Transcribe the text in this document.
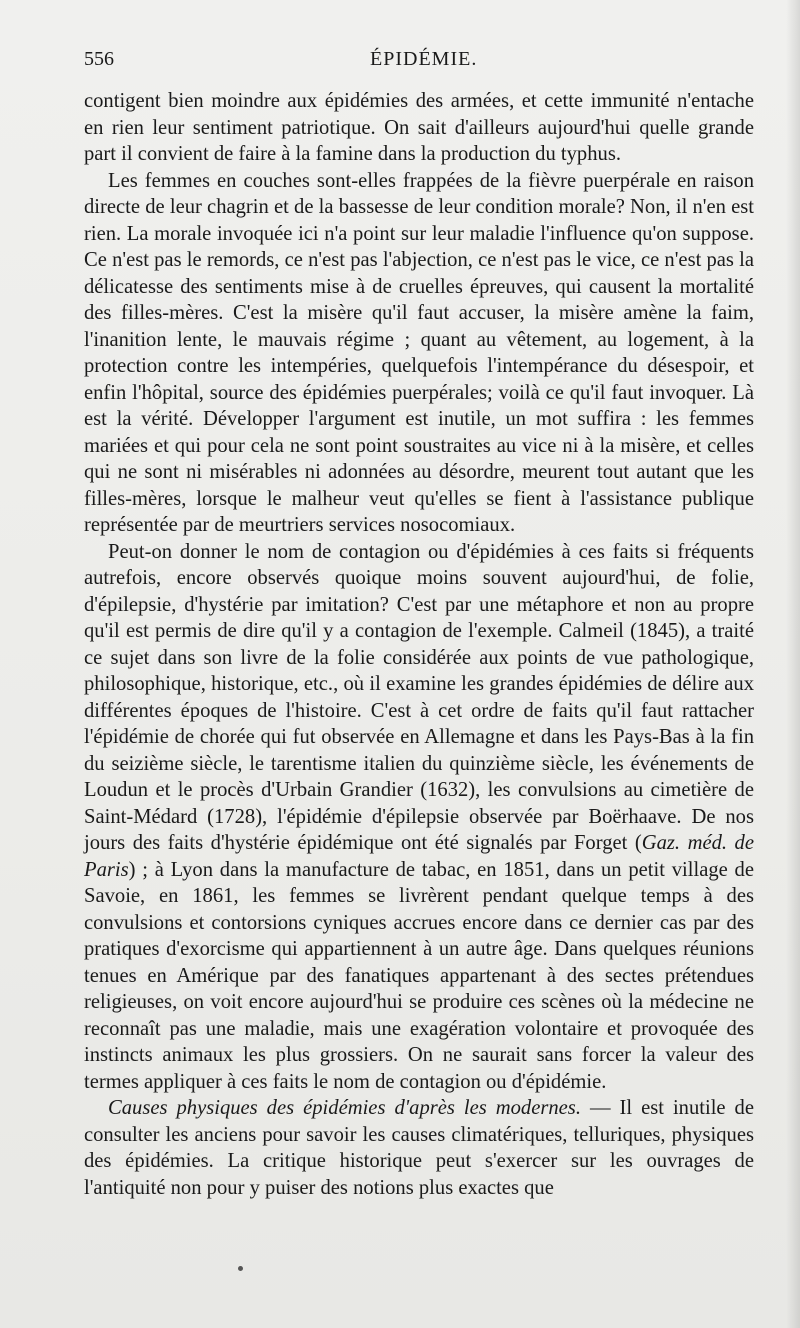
556	ÉPIDÉMIE.

contigent bien moindre aux épidémies des armées, et cette immunité n'entache en rien leur sentiment patriotique. On sait d'ailleurs aujourd'hui quelle grande part il convient de faire à la famine dans la production du typhus.

Les femmes en couches sont-elles frappées de la fièvre puerpérale en raison directe de leur chagrin et de la bassesse de leur condition morale? Non, il n'en est rien. La morale invoquée ici n'a point sur leur maladie l'influence qu'on suppose. Ce n'est pas le remords, ce n'est pas l'abjection, ce n'est pas le vice, ce n'est pas la délicatesse des sentiments mise à de cruelles épreuves, qui causent la mortalité des filles-mères. C'est la misère qu'il faut accuser, la misère amène la faim, l'inanition lente, le mauvais régime ; quant au vêtement, au logement, à la protection contre les intempéries, quelquefois l'intempérance du désespoir, et enfin l'hôpital, source des épidémies puerpérales; voilà ce qu'il faut invoquer. Là est la vérité. Développer l'argument est inutile, un mot suffira : les femmes mariées et qui pour cela ne sont point soustraites au vice ni à la misère, et celles qui ne sont ni misérables ni adonnées au désordre, meurent tout autant que les filles-mères, lorsque le malheur veut qu'elles se fient à l'assistance publique représentée par de meurtriers services nosocomiaux.

Peut-on donner le nom de contagion ou d'épidémies à ces faits si fréquents autrefois, encore observés quoique moins souvent aujourd'hui, de folie, d'épilepsie, d'hystérie par imitation? C'est par une métaphore et non au propre qu'il est permis de dire qu'il y a contagion de l'exemple. Calmeil (1845), a traité ce sujet dans son livre de la folie considérée aux points de vue pathologique, philosophique, historique, etc., où il examine les grandes épidémies de délire aux différentes époques de l'histoire. C'est à cet ordre de faits qu'il faut rattacher l'épidémie de chorée qui fut observée en Allemagne et dans les Pays-Bas à la fin du seizième siècle, le tarentisme italien du quinzième siècle, les événements de Loudun et le procès d'Urbain Grandier (1632), les convulsions au cimetière de Saint-Médard (1728), l'épidémie d'épilepsie observée par Boërhaave. De nos jours des faits d'hystérie épidémique ont été signalés par Forget (Gaz. méd. de Paris) ; à Lyon dans la manufacture de tabac, en 1851, dans un petit village de Savoie, en 1861, les femmes se livrèrent pendant quelque temps à des convulsions et contorsions cyniques accrues encore dans ce dernier cas par des pratiques d'exorcisme qui appartiennent à un autre âge. Dans quelques réunions tenues en Amérique par des fanatiques appartenant à des sectes prétendues religieuses, on voit encore aujourd'hui se produire ces scènes où la médecine ne reconnaît pas une maladie, mais une exagération volontaire et provoquée des instincts animaux les plus grossiers. On ne saurait sans forcer la valeur des termes appliquer à ces faits le nom de contagion ou d'épidémie.

Causes physiques des épidémies d'après les modernes. — Il est inutile de consulter les anciens pour savoir les causes climatériques, telluriques, physiques des épidémies. La critique historique peut s'exercer sur les ouvrages de l'antiquité non pour y puiser des notions plus exactes que
